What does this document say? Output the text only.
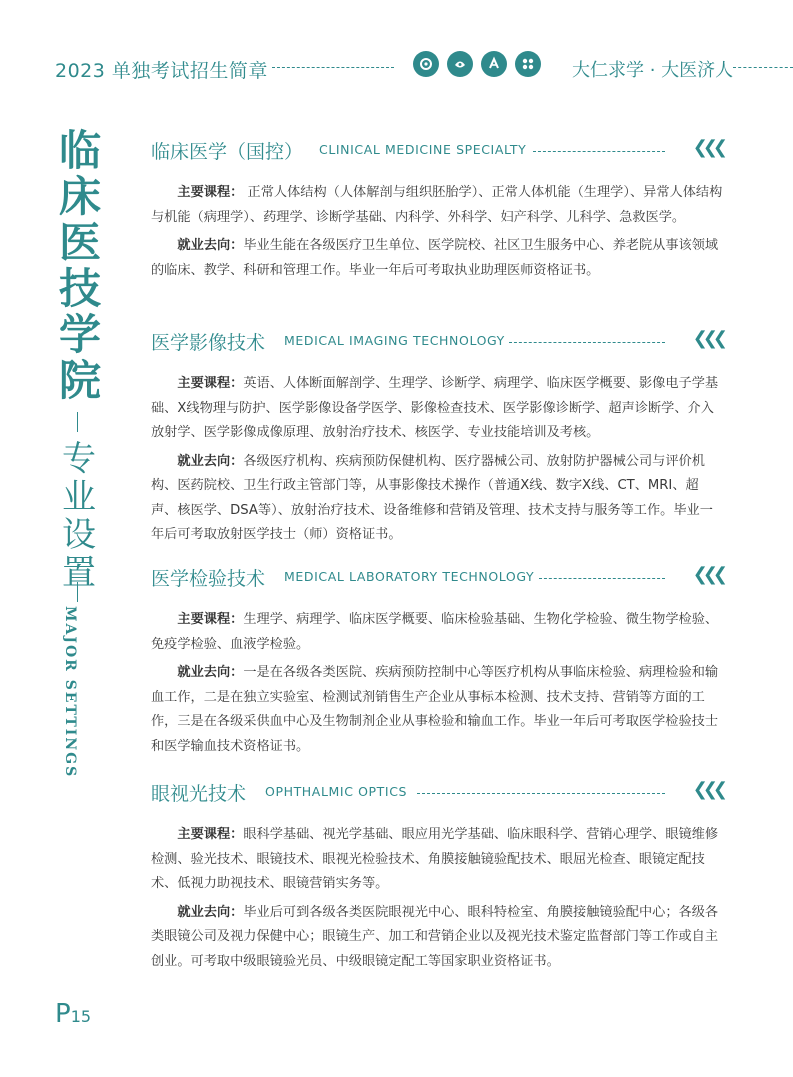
2023 单独考试招生简章	大仁求学 · 大医济人
临
床
医
技
学
院
专
业
设
置
MAJOR SETTINGS
临床医学（国控） CLINICAL MEDICINE SPECIALTY	❮❮❮

主要课程： 正常人体结构（人体解剖与组织胚胎学）、正常人体机能（生理学）、异常人体结构与机能（病理学）、药理学、诊断学基础、内科学、外科学、妇产科学、儿科学、急救医学。

就业去向：毕业生能在各级医疗卫生单位、医学院校、社区卫生服务中心、养老院从事该领域的临床、教学、科研和管理工作。毕业一年后可考取执业助理医师资格证书。

医学影像技术 MEDICAL IMAGING TECHNOLOGY	❮❮❮

主要课程：英语、人体断面解剖学、生理学、诊断学、病理学、临床医学概要、影像电子学基础、X线物理与防护、医学影像设备学医学、影像检查技术、医学影像诊断学、超声诊断学、介入放射学、医学影像成像原理、放射治疗技术、核医学、专业技能培训及考核。

就业去向：各级医疗机构、疾病预防保健机构、医疗器械公司、放射防护器械公司与评价机构、医药院校、卫生行政主管部门等，从事影像技术操作（普通X线、数字X线、CT、MRI、超声、核医学、DSA等）、放射治疗技术、设备维修和营销及管理、技术支持与服务等工作。毕业一年后可考取放射医学技士（师）资格证书。

医学检验技术 MEDICAL LABORATORY TECHNOLOGY	❮❮❮

主要课程：生理学、病理学、临床医学概要、临床检验基础、生物化学检验、微生物学检验、免疫学检验、血液学检验。

就业去向：一是在各级各类医院、疾病预防控制中心等医疗机构从事临床检验、病理检验和输血工作，二是在独立实验室、检测试剂销售生产企业从事标本检测、技术支持、营销等方面的工作，三是在各级采供血中心及生物制剂企业从事检验和输血工作。毕业一年后可考取医学检验技士和医学输血技术资格证书。

眼视光技术 OPHTHALMIC OPTICS	❮❮❮

主要课程：眼科学基础、视光学基础、眼应用光学基础、临床眼科学、营销心理学、眼镜维修检测、验光技术、眼镜技术、眼视光检验技术、角膜接触镜验配技术、眼屈光检查、眼镜定配技术、低视力助视技术、眼镜营销实务等。

就业去向：毕业后可到各级各类医院眼视光中心、眼科特检室、角膜接触镜验配中心；各级各类眼镜公司及视力保健中心；眼镜生产、加工和营销企业以及视光技术鉴定监督部门等工作或自主创业。可考取中级眼镜验光员、中级眼镜定配工等国家职业资格证书。

P15
